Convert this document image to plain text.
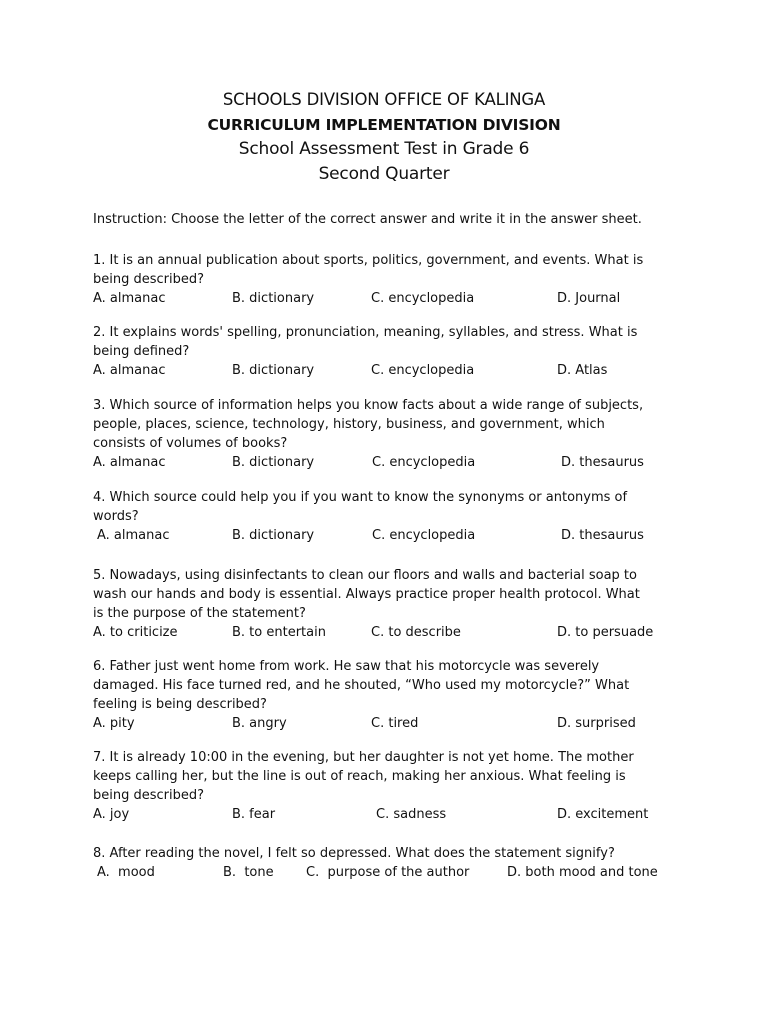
SCHOOLS DIVISION OFFICE OF KALINGA
CURRICULUM IMPLEMENTATION DIVISION
School Assessment Test in Grade 6
Second Quarter
Instruction: Choose the letter of the correct answer and write it in the answer sheet.
1. It is an annual publication about sports, politics, government, and events. What is
being described?
A. almanac	B. dictionary	C. encyclopedia	D. Journal
2. It explains words' spelling, pronunciation, meaning, syllables, and stress. What is
being defined?
A. almanac	B. dictionary	C. encyclopedia	D. Atlas
3. Which source of information helps you know facts about a wide range of subjects,
people, places, science, technology, history, business, and government, which
consists of volumes of books?
A. almanac	B. dictionary	C. encyclopedia	D. thesaurus
4. Which source could help you if you want to know the synonyms or antonyms of
words?
A. almanac	B. dictionary	C. encyclopedia	D. thesaurus
5. Nowadays, using disinfectants to clean our floors and walls and bacterial soap to
wash our hands and body is essential. Always practice proper health protocol. What
is the purpose of the statement?
A. to criticize	B. to entertain	C. to describe	D. to persuade
6. Father just went home from work. He saw that his motorcycle was severely
damaged. His face turned red, and he shouted, “Who used my motorcycle?” What
feeling is being described?
A. pity	B. angry	C. tired	D. surprised
7. It is already 10:00 in the evening, but her daughter is not yet home. The mother
keeps calling her, but the line is out of reach, making her anxious. What feeling is
being described?
A. joy	B. fear	C. sadness	D. excitement
8. After reading the novel, I felt so depressed. What does the statement signify?
A.  mood	B.  tone C.  purpose of the author	D. both mood and tone
